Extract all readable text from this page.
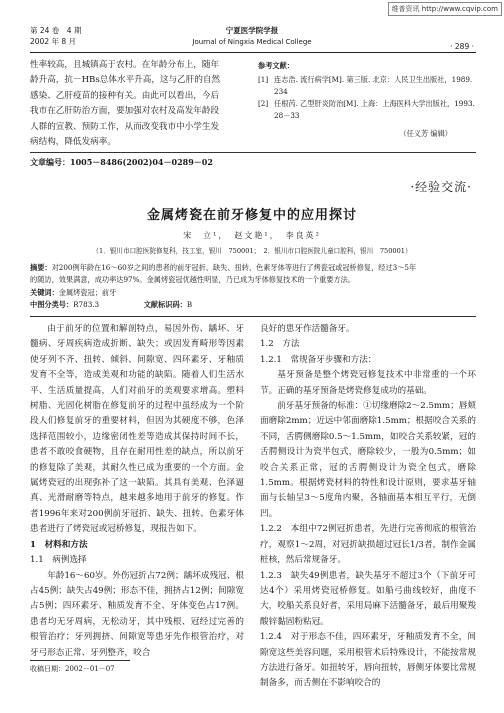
维普资讯 http://www.cqvip.com
第 24 卷　4 期
2002 年 8 月
宁夏医学院学报
Journal of Ningxia Medical College	· 289 ·
性率较高，且城镇高于农村。在年龄分布上，随年
龄升高，抗－HBs总体水平升高，这与乙肝的自然
感染、乙肝疫苗的接种有关。由此可以看出，今后
我市在乙肝防治方面，要加强对农村及高发年龄段
人群的宣教、预防工作，从而改变我市中小学生发
病结构，降低发病率。
参考文献：
[1] 连志浩. 流行病学[M]. 第三版. 北京：人民卫生出版社，1989. 234
[2] 任根芮. 乙型肝炎防治[M]. 上海：上海医科大学出版社，1993. 28－33
（任义芳 编辑）
文章编号：1005－8486(2002)04－0289－02
·经验交流·
金属烤瓷在前牙修复中的应用探讨
宋　立¹，　赵文艳¹，　李良英²
（1．银川市口腔医院修复科，技工室，银川　750001；　2．银川市口腔医院儿童口腔科，银川　750001）
摘要：对200例年龄在16～60岁之间的患者的前牙冠折、缺失、扭转、色素牙体等进行了烤瓷冠或冠桥修复，经过3～5年
的随访，效果满意，成功率达97%。金属烤瓷冠优越性明显，乃已成为牙体修复技术的一个重要方法。
关键词：金属烤瓷冠；前牙
中图分类号：R783.3	文献标识码：B

由于前牙的位置和解剖特点，易因外伤、龋坏、牙髓病、牙周疾病造成折断、缺失；或因发育畸形等因素使牙列不齐、扭转、倾斜、间隙宽、四环素牙、牙釉质发育不全等，造成美观和功能的缺陷。随着人们生活水平、生活质量提高，人们对前牙的美观要求增高。塑料树脂、光固化树脂在修复前牙的过程中虽经成为一个阶段人们修复前牙的重要材料，但因为其硬度不够，色泽选择范围较小，边缘密闭性差等造成其保持时间不长，患者不敢咬食硬物，且存在耐用性差的缺点，所以前牙的修复除了美观，其耐久性已成为重要的一个方面。金属烤瓷冠的出现弥补了这一缺陷。其具有美观、色泽逼真、光滑耐磨等特点，越来越多地用于前牙的修复。作者1996年来对200例前牙冠折、缺失、扭转、色素牙体患者进行了烤瓷冠或冠桥修复，现报告如下。

1　材料和方法

1.1　病例选择

年龄16～60岁。外伤冠折占72例；龋坏成残冠、根占45例；缺失占49例；形态不佳，拥挤占12例；间隙宽占5例；四环素牙、釉质发育不全、牙体变色占17例。患者均无牙周病，无松动牙，其中残根、冠经过完善的根管治疗；牙列拥挤、间隙宽等患牙先作根管治疗，对牙弓形态正常、牙列整齐，咬合

收稿日期：2002－01－07

良好的患牙作活髓备牙。

1.2　方法

1.2.1　常规备牙步骤和方法：

基牙预备是整个烤瓷冠修复技术中非常重的一个环节。正确的基牙预备是烤瓷修复成功的基础。

前牙基牙预备的标准：①切缘磨除2～2.5mm；唇颊面磨除2mm；近远中邻面磨除1.5mm；根据咬合关系的不同，舌腭侧磨除0.5～1.5mm，如咬合关系较紧，冠的舌腭侧设计为瓷半包式，磨除较少，一般为0.5mm；如咬合关系正常，冠的舌腭侧设计为瓷全包式，磨除1.5mm。根据烤瓷材料的特性和设计原则，要求基牙轴面与长轴呈3～5度角内聚，各轴面基本相互平行，无倒凹。

1.2.2　本组中72例冠折患者，先进行完善彻底的根管治疗，观察1～2周，对冠折缺损超过冠长1/3者，制作金属桩核，然后常规备牙。

1.2.3　缺失49例患者，缺失基牙不超过3个（下前牙可达4个）采用烤瓷冠桥修复。如船弓曲线较好，曲度不大，咬船关系良好者，采用局麻下活髓备牙，最后用聚羧酸锌黏固粉粘冠。

1.2.4　对于形态不佳，四环素牙，牙釉质发育不全，间隙宽这些美容问题，采用根管术后特殊设计，不能按常规方法进行备牙。如扭转牙，唇向扭转，唇侧牙体要比常规制备多，而舌侧在不影响咬合的
